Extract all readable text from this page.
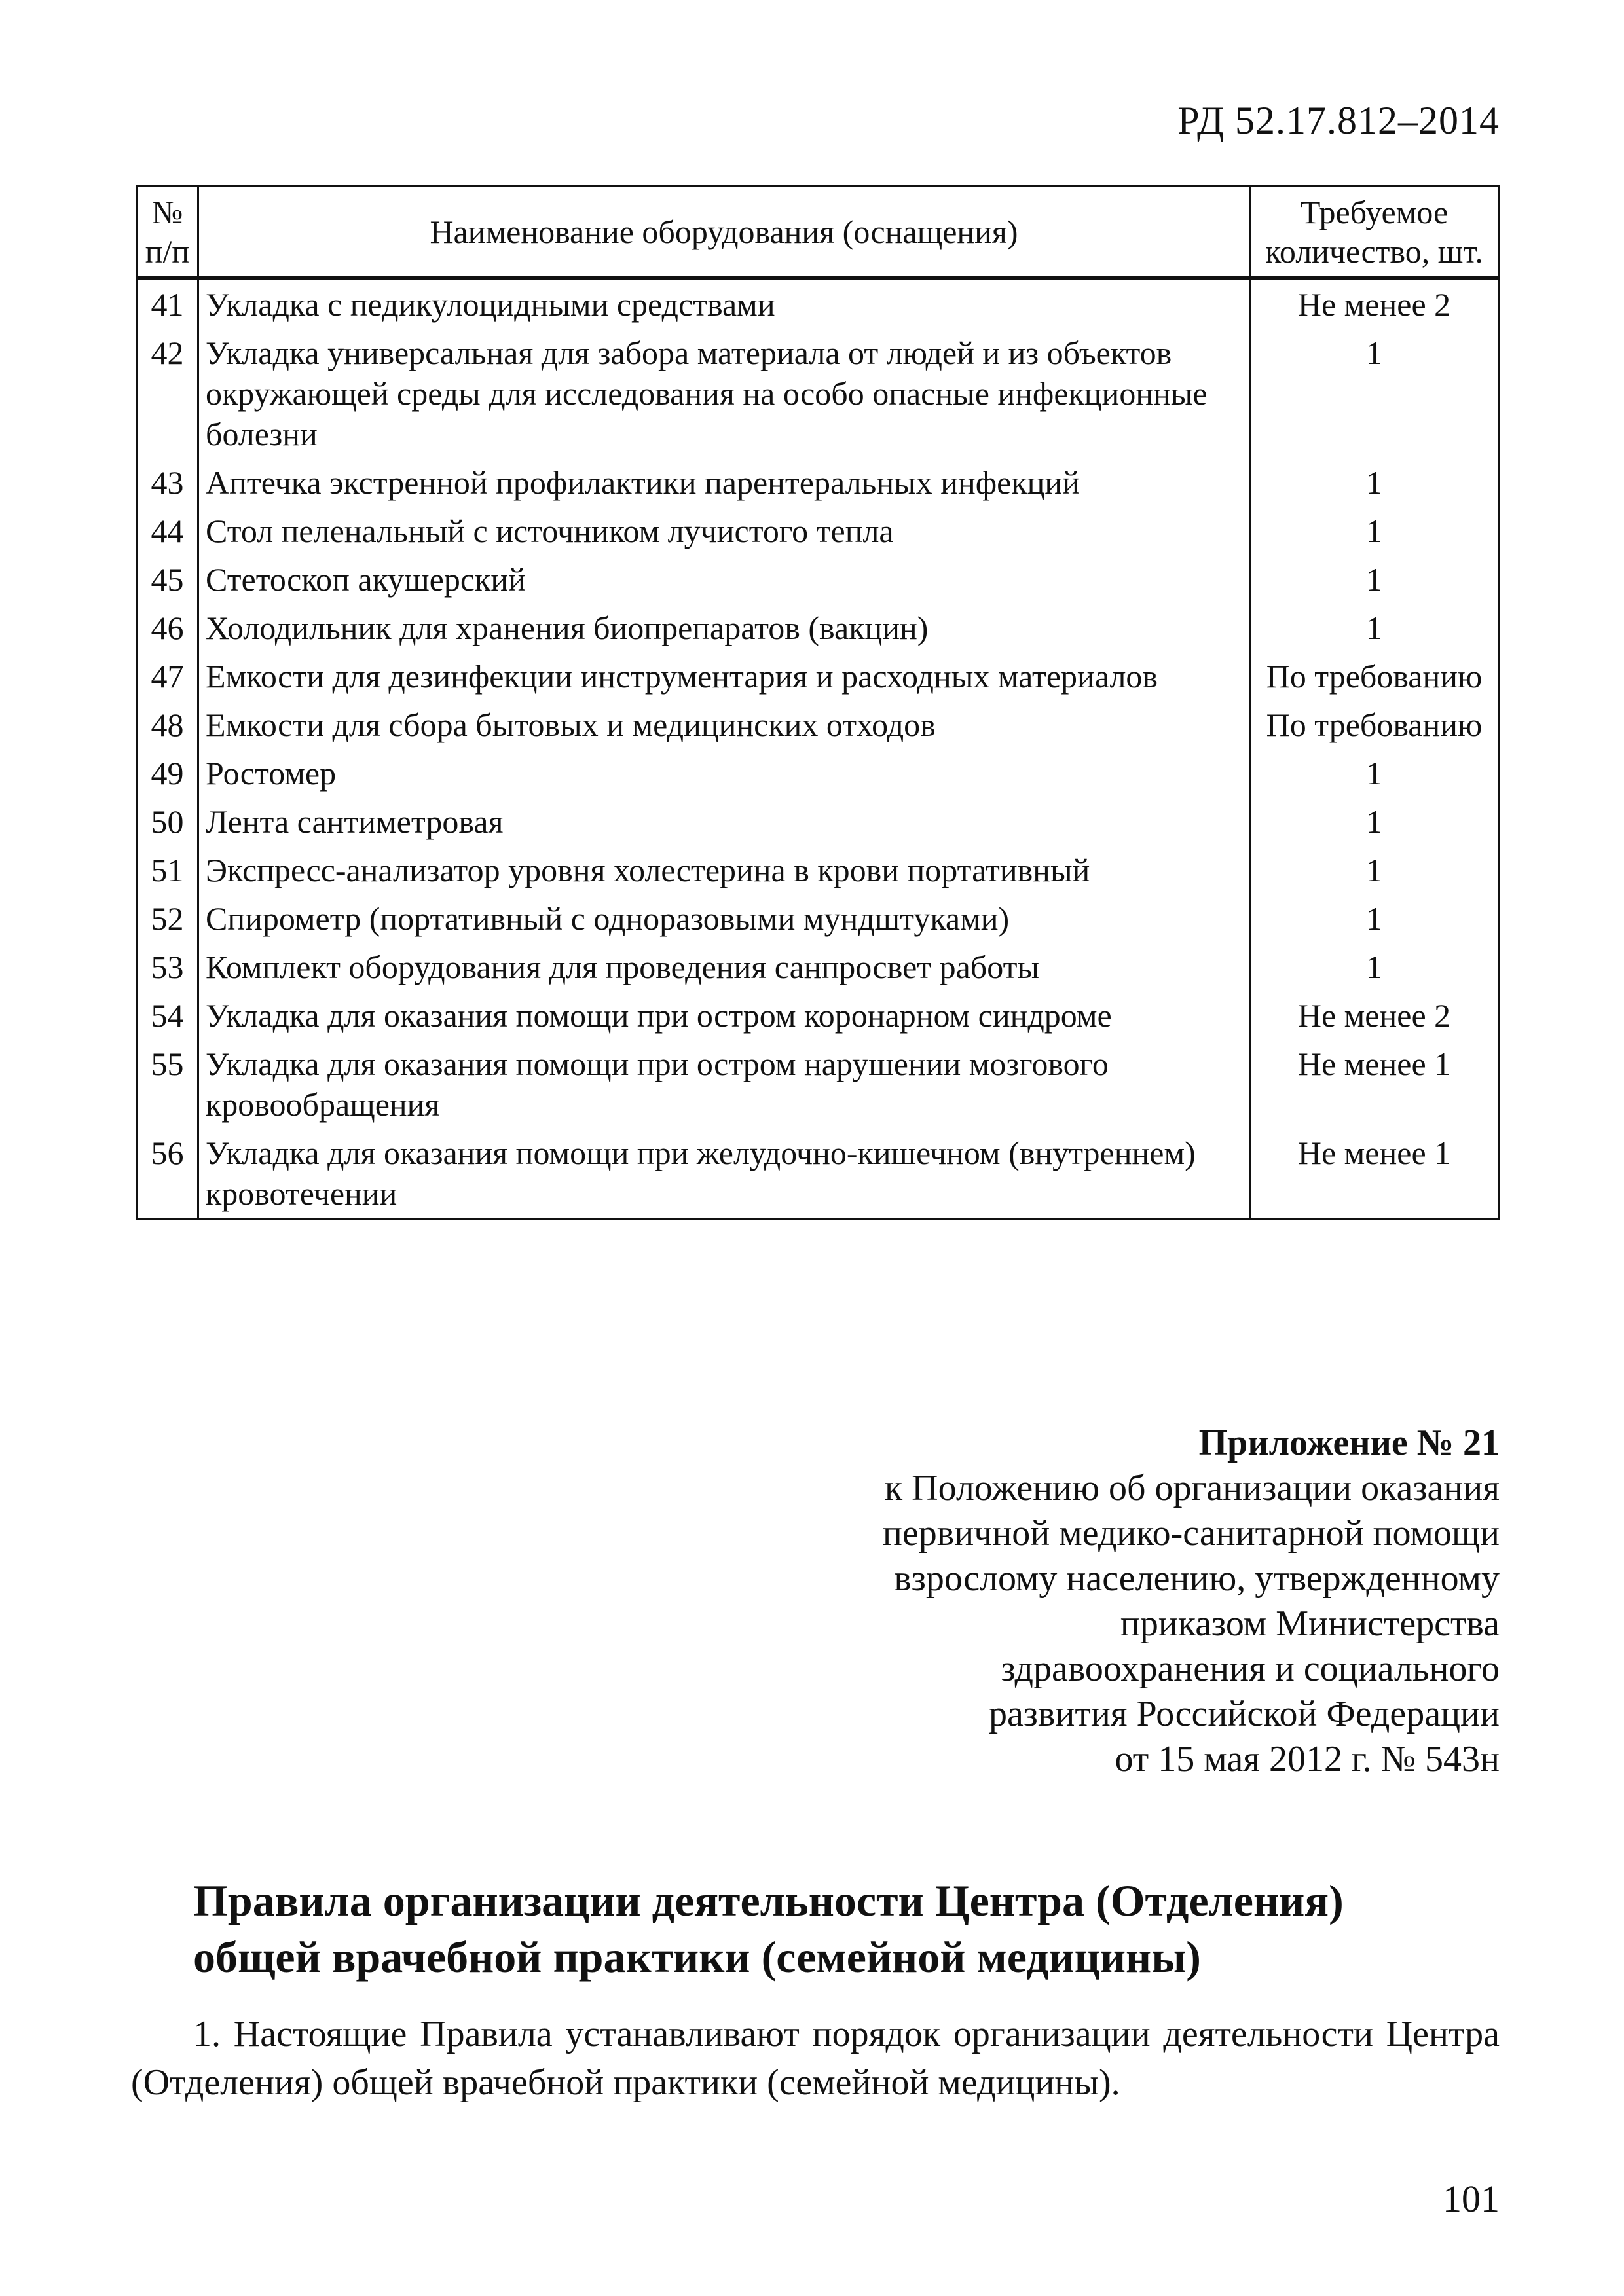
РД 52.17.812–2014
№ п/п	Наименование оборудования (оснащения)	Требуемое количество, шт.
41	Укладка с педикулоцидными средствами	Не менее 2
42	Укладка универсальная для забора материала от людей и из объектов окружающей среды для исследования на особо опасные инфекционные болезни	1
43	Аптечка экстренной профилактики парентеральных инфекций	1
44	Стол пеленальный с источником лучистого тепла	1
45	Стетоскоп акушерский	1
46	Холодильник для хранения биопрепаратов (вакцин)	1
47	Емкости для дезинфекции инструментария и расходных материалов	По требованию
48	Емкости для сбора бытовых и медицинских отходов	По требованию
49	Ростомер	1
50	Лента сантиметровая	1
51	Экспресс-анализатор уровня холестерина в крови портативный	1
52	Спирометр (портативный с одноразовыми мундштуками)	1
53	Комплект оборудования для проведения санпросвет работы	1
54	Укладка для оказания помощи при остром коронарном синдроме	Не менее 2
55	Укладка для оказания помощи при остром нарушении мозгового кровообращения	Не менее 1
56	Укладка для оказания помощи при желудочно-кишечном (внутреннем) кровотечении	Не менее 1
Приложение № 21
к Положению об организации оказания
первичной медико-санитарной помощи
взрослому населению, утвержденному
приказом Министерства
здравоохранения и социального
развития Российской Федерации
от 15 мая 2012 г. № 543н
Правила организации деятельности Центра (Отделения)
общей врачебной практики (семейной медицины)

1. Настоящие Правила устанавливают порядок организации деятельности Центра (Отделения) общей врачебной практики (семейной медицины).

101
